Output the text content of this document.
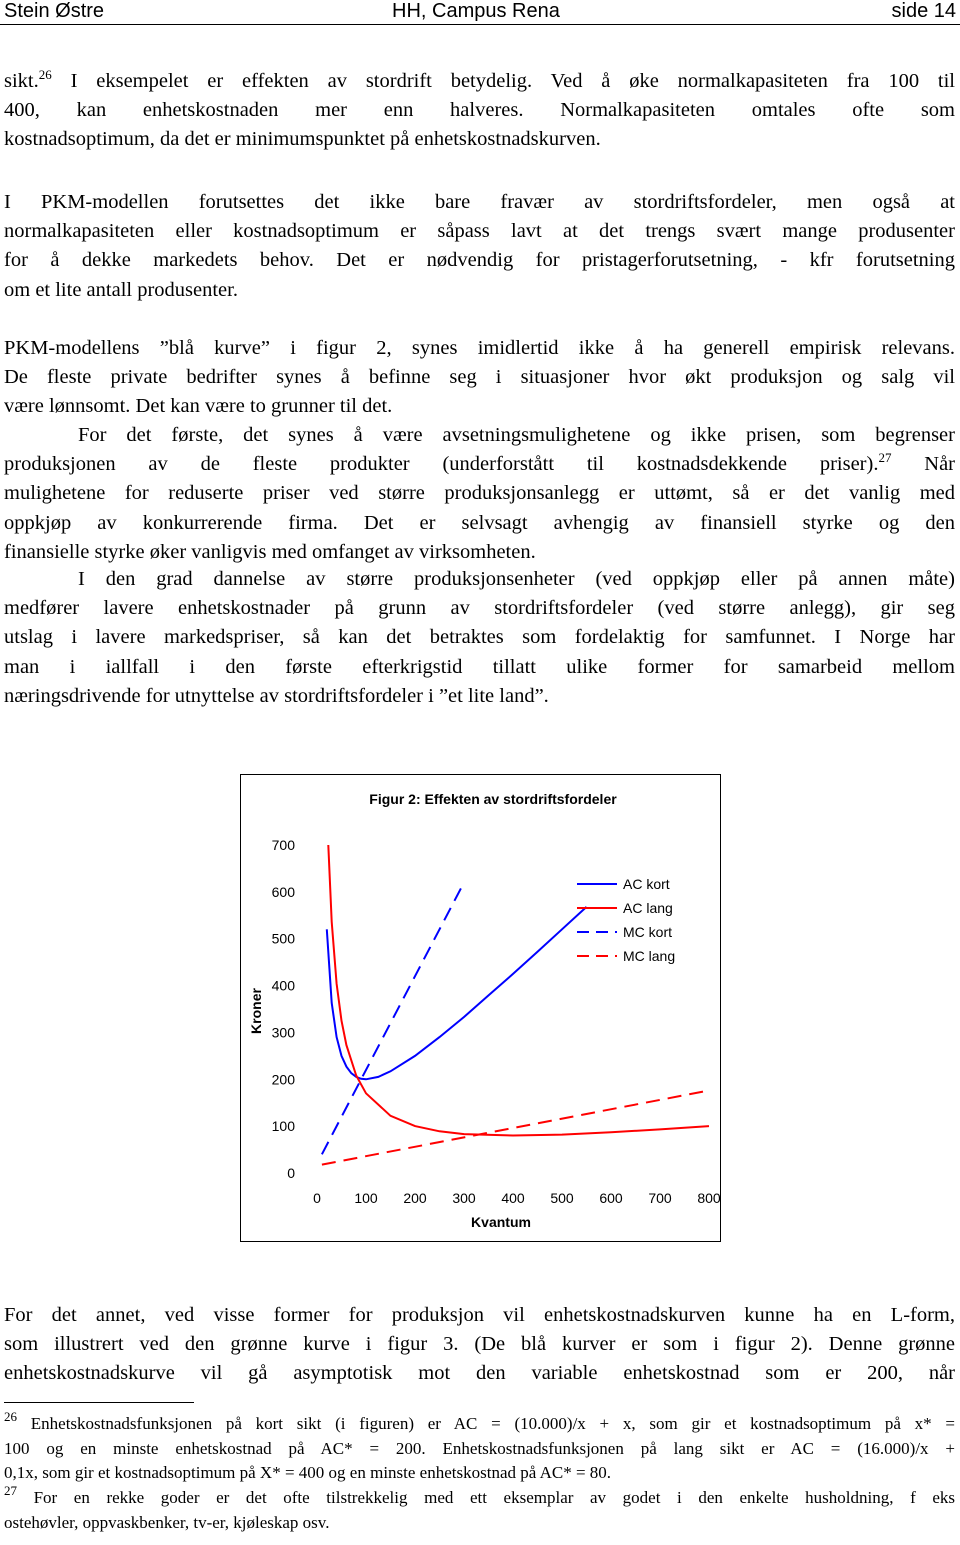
Stein Østre	HH, Campus Rena	side 14
sikt.$^{26}$ I eksempelet er effekten av stordrift betydelig. Ved å øke normalkapasiteten fra 100 til
400, kan enhetskostnaden mer enn halveres. Normalkapasiteten omtales ofte som
kostnadsoptimum, da det er minimumspunktet på enhetskostnadskurven.
I PKM-modellen forutsettes det ikke bare fravær av stordriftsfordeler, men også at
normalkapasiteten eller kostnadsoptimum er såpass lavt at det trengs svært mange produsenter
for å dekke markedets behov. Det er nødvendig for pristagerforutsetning, - kfr forutsetning
om et lite antall produsenter.
PKM-modellens ”blå kurve” i figur 2, synes imidlertid ikke å ha generell empirisk relevans.
De fleste private bedrifter synes å befinne seg i situasjoner hvor økt produksjon og salg vil
være lønnsomt. Det kan være to grunner til det.
For det første, det synes å være avsetningsmulighetene og ikke prisen, som begrenser
produksjonen av de fleste produkter (underforstått til kostnadsdekkende priser).$^{27}$ Når
mulighetene for reduserte priser ved større produksjonsanlegg er uttømt, så er det vanlig med
oppkjøp av konkurrerende firma. Det er selvsagt avhengig av finansiell styrke og den
finansielle styrke øker vanligvis med omfanget av virksomheten.
I den grad dannelse av større produksjonsenheter (ved oppkjøp eller på annen måte)
medfører lavere enhetskostnader på grunn av stordriftsfordeler (ved større anlegg), gir seg
utslag i lavere markedspriser, så kan det betraktes som fordelaktig for samfunnet. I Norge har
man i iallfall i den første efterkrigstid tillatt ulike former for samarbeid mellom
næringsdrivende for utnyttelse av stordriftsfordeler i ”et lite land”.
Figur 2: Effekten av stordriftsfordeler
Kroner
Kvantum
0
100
200
300
400
500
600
700
0 100 200 300 400 500 600 700 800
AC kort
AC lang
MC kort
MC lang
For det annet, ved visse former for produksjon vil enhetskostnadskurven kunne ha en L-form,
som illustrert ved den grønne kurve i figur 3. (De blå kurver er som i figur 2). Denne grønne
enhetskostnadskurve vil gå asymptotisk mot den variable enhetskostnad som er 200, når
$^{26}$ Enhetskostnadsfunksjonen på kort sikt (i figuren) er AC = (10.000)/x + x, som gir et kostnadsoptimum på x* =
100 og en minste enhetskostnad på AC* = 200. Enhetskostnadsfunksjonen på lang sikt er AC = (16.000)/x +
0,1x, som gir et kostnadsoptimum på X* = 400 og en minste enhetskostnad på AC* = 80.
$^{27}$ For en rekke goder er det ofte tilstrekkelig med ett eksemplar av godet i den enkelte husholdning, f eks
ostehøvler, oppvaskbenker, tv-er, kjøleskap osv.
